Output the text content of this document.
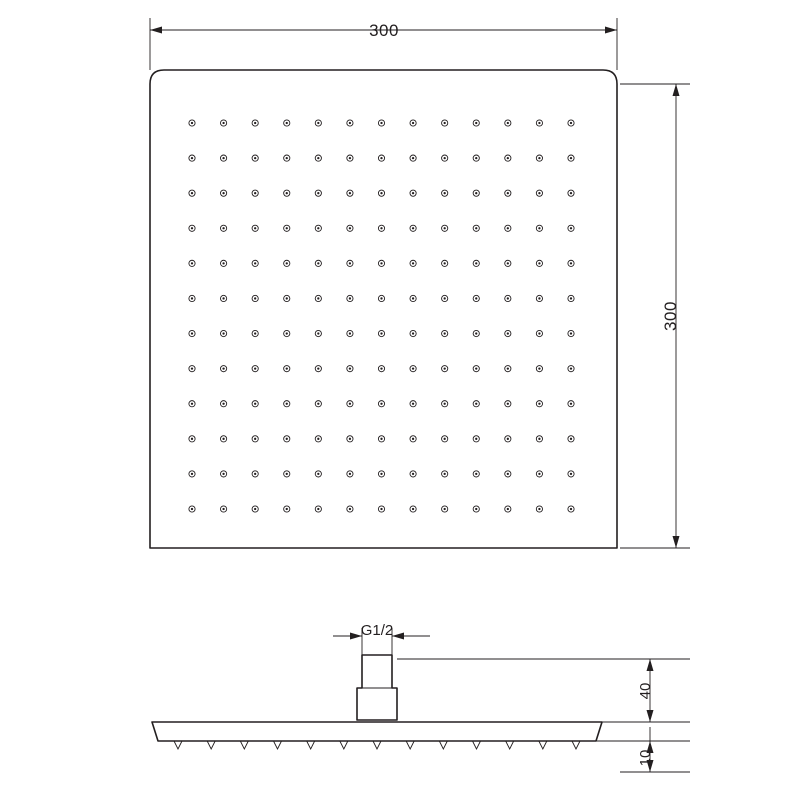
300
300
G1/2
40
10
